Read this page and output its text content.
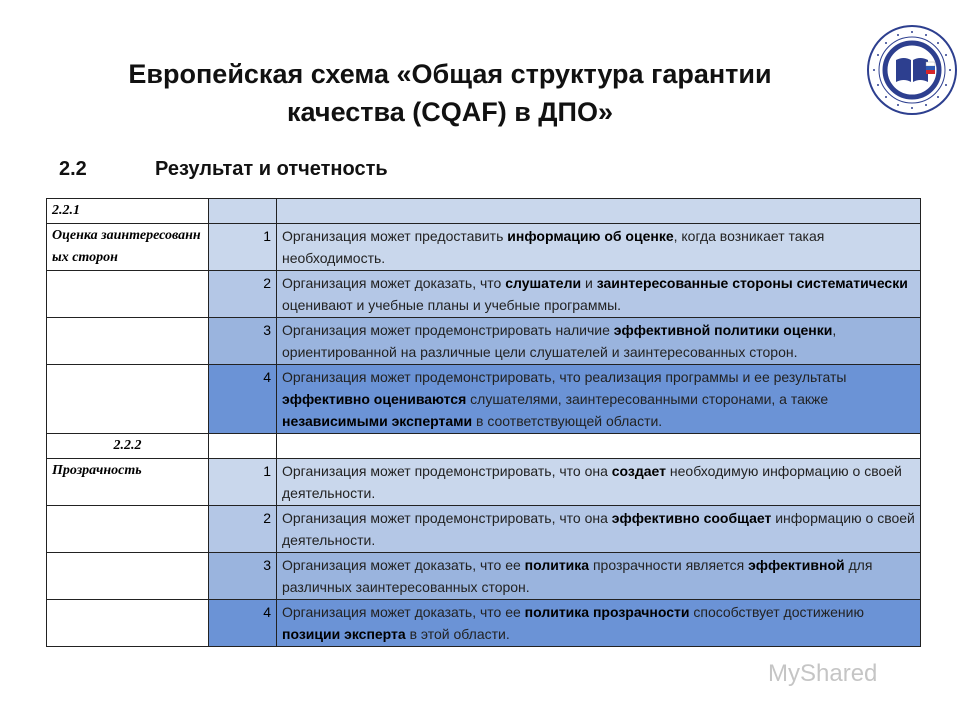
Европейская схема «Общая структура гарантии
качества (CQAF) в ДПО»
2.2	Результат и отчетность
2.2.1		
Оценка заинтересованн ых сторон	1	Организация может предоставить информацию об оценке, когда возникает такая необходимость.
	2	Организация может доказать, что слушатели и заинтересованные стороны систематически оценивают и учебные планы и учебные программы.
	3	Организация может продемонстрировать наличие эффективной политики оценки, ориентированной на различные цели слушателей и заинтересованных сторон.
	4	Организация может продемонстрировать, что реализация программы и ее результаты эффективно оцениваются слушателями, заинтересованными сторонами, а также независимыми экспертами в соответствующей области.
2.2.2		
Прозрачность	1	Организация может продемонстрировать, что она создает необходимую информацию о своей деятельности.
	2	Организация может продемонстрировать, что она эффективно сообщает информацию о своей деятельности.
	3	Организация может доказать, что ее политика прозрачности является эффективной для различных заинтересованных сторон.
	4	Организация может доказать, что ее политика прозрачности способствует достижению позиции эксперта в этой области.
MyShared
